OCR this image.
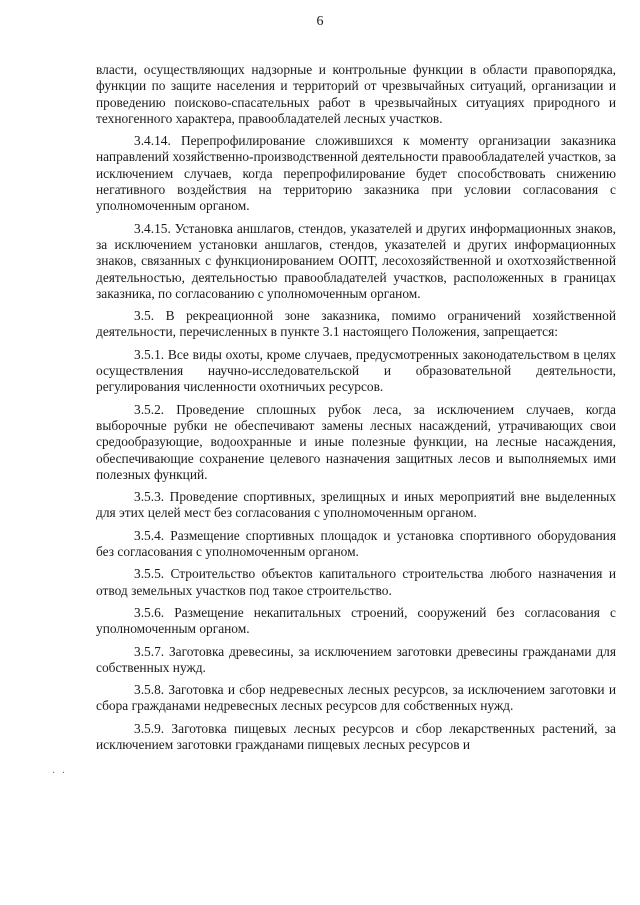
6
· ·

власти, осуществляющих надзорные и контрольные функции в области правопорядка, функции по защите населения и территорий от чрезвычайных ситуаций, организации и проведению поисково-спасательных работ в чрезвычайных ситуациях природного и техногенного характера, правообладателей лесных участков.

3.4.14. Перепрофилирование сложившихся к моменту организации заказника направлений хозяйственно-производственной деятельности правообладателей участков, за исключением случаев, когда перепрофилирование будет способствовать снижению негативного воздействия на территорию заказника при условии согласования с уполномоченным органом.

3.4.15. Установка аншлагов, стендов, указателей и других информационных знаков, за исключением установки аншлагов, стендов, указателей и других информационных знаков, связанных с функционированием ООПТ, лесохозяйственной и охотхозяйственной деятельностью, деятельностью правообладателей участков, расположенных в границах заказника, по согласованию с уполномоченным органом.

3.5. В рекреационной зоне заказника, помимо ограничений хозяйственной деятельности, перечисленных в пункте 3.1 настоящего Положения, запрещается:

3.5.1. Все виды охоты, кроме случаев, предусмотренных законодательством в целях осуществления научно-исследовательской и образовательной деятельности, регулирования численности охотничьих ресурсов.

3.5.2. Проведение сплошных рубок леса, за исключением случаев, когда выборочные рубки не обеспечивают замены лесных насаждений, утрачивающих свои средообразующие, водоохранные и иные полезные функции, на лесные насаждения, обеспечивающие сохранение целевого назначения защитных лесов и выполняемых ими полезных функций.

3.5.3. Проведение спортивных, зрелищных и иных мероприятий вне выделенных для этих целей мест без согласования с уполномоченным органом.

3.5.4. Размещение спортивных площадок и установка спортивного оборудования без согласования с уполномоченным органом.

3.5.5. Строительство объектов капитального строительства любого назначения и отвод земельных участков под такое строительство.

3.5.6. Размещение некапитальных строений, сооружений без согласования с уполномоченным органом.

3.5.7. Заготовка древесины, за исключением заготовки древесины гражданами для собственных нужд.

3.5.8. Заготовка и сбор недревесных лесных ресурсов, за исключением заготовки и сбора гражданами недревесных лесных ресурсов для собственных нужд.

3.5.9. Заготовка пищевых лесных ресурсов и сбор лекарственных растений, за исключением заготовки гражданами пищевых лесных ресурсов и
